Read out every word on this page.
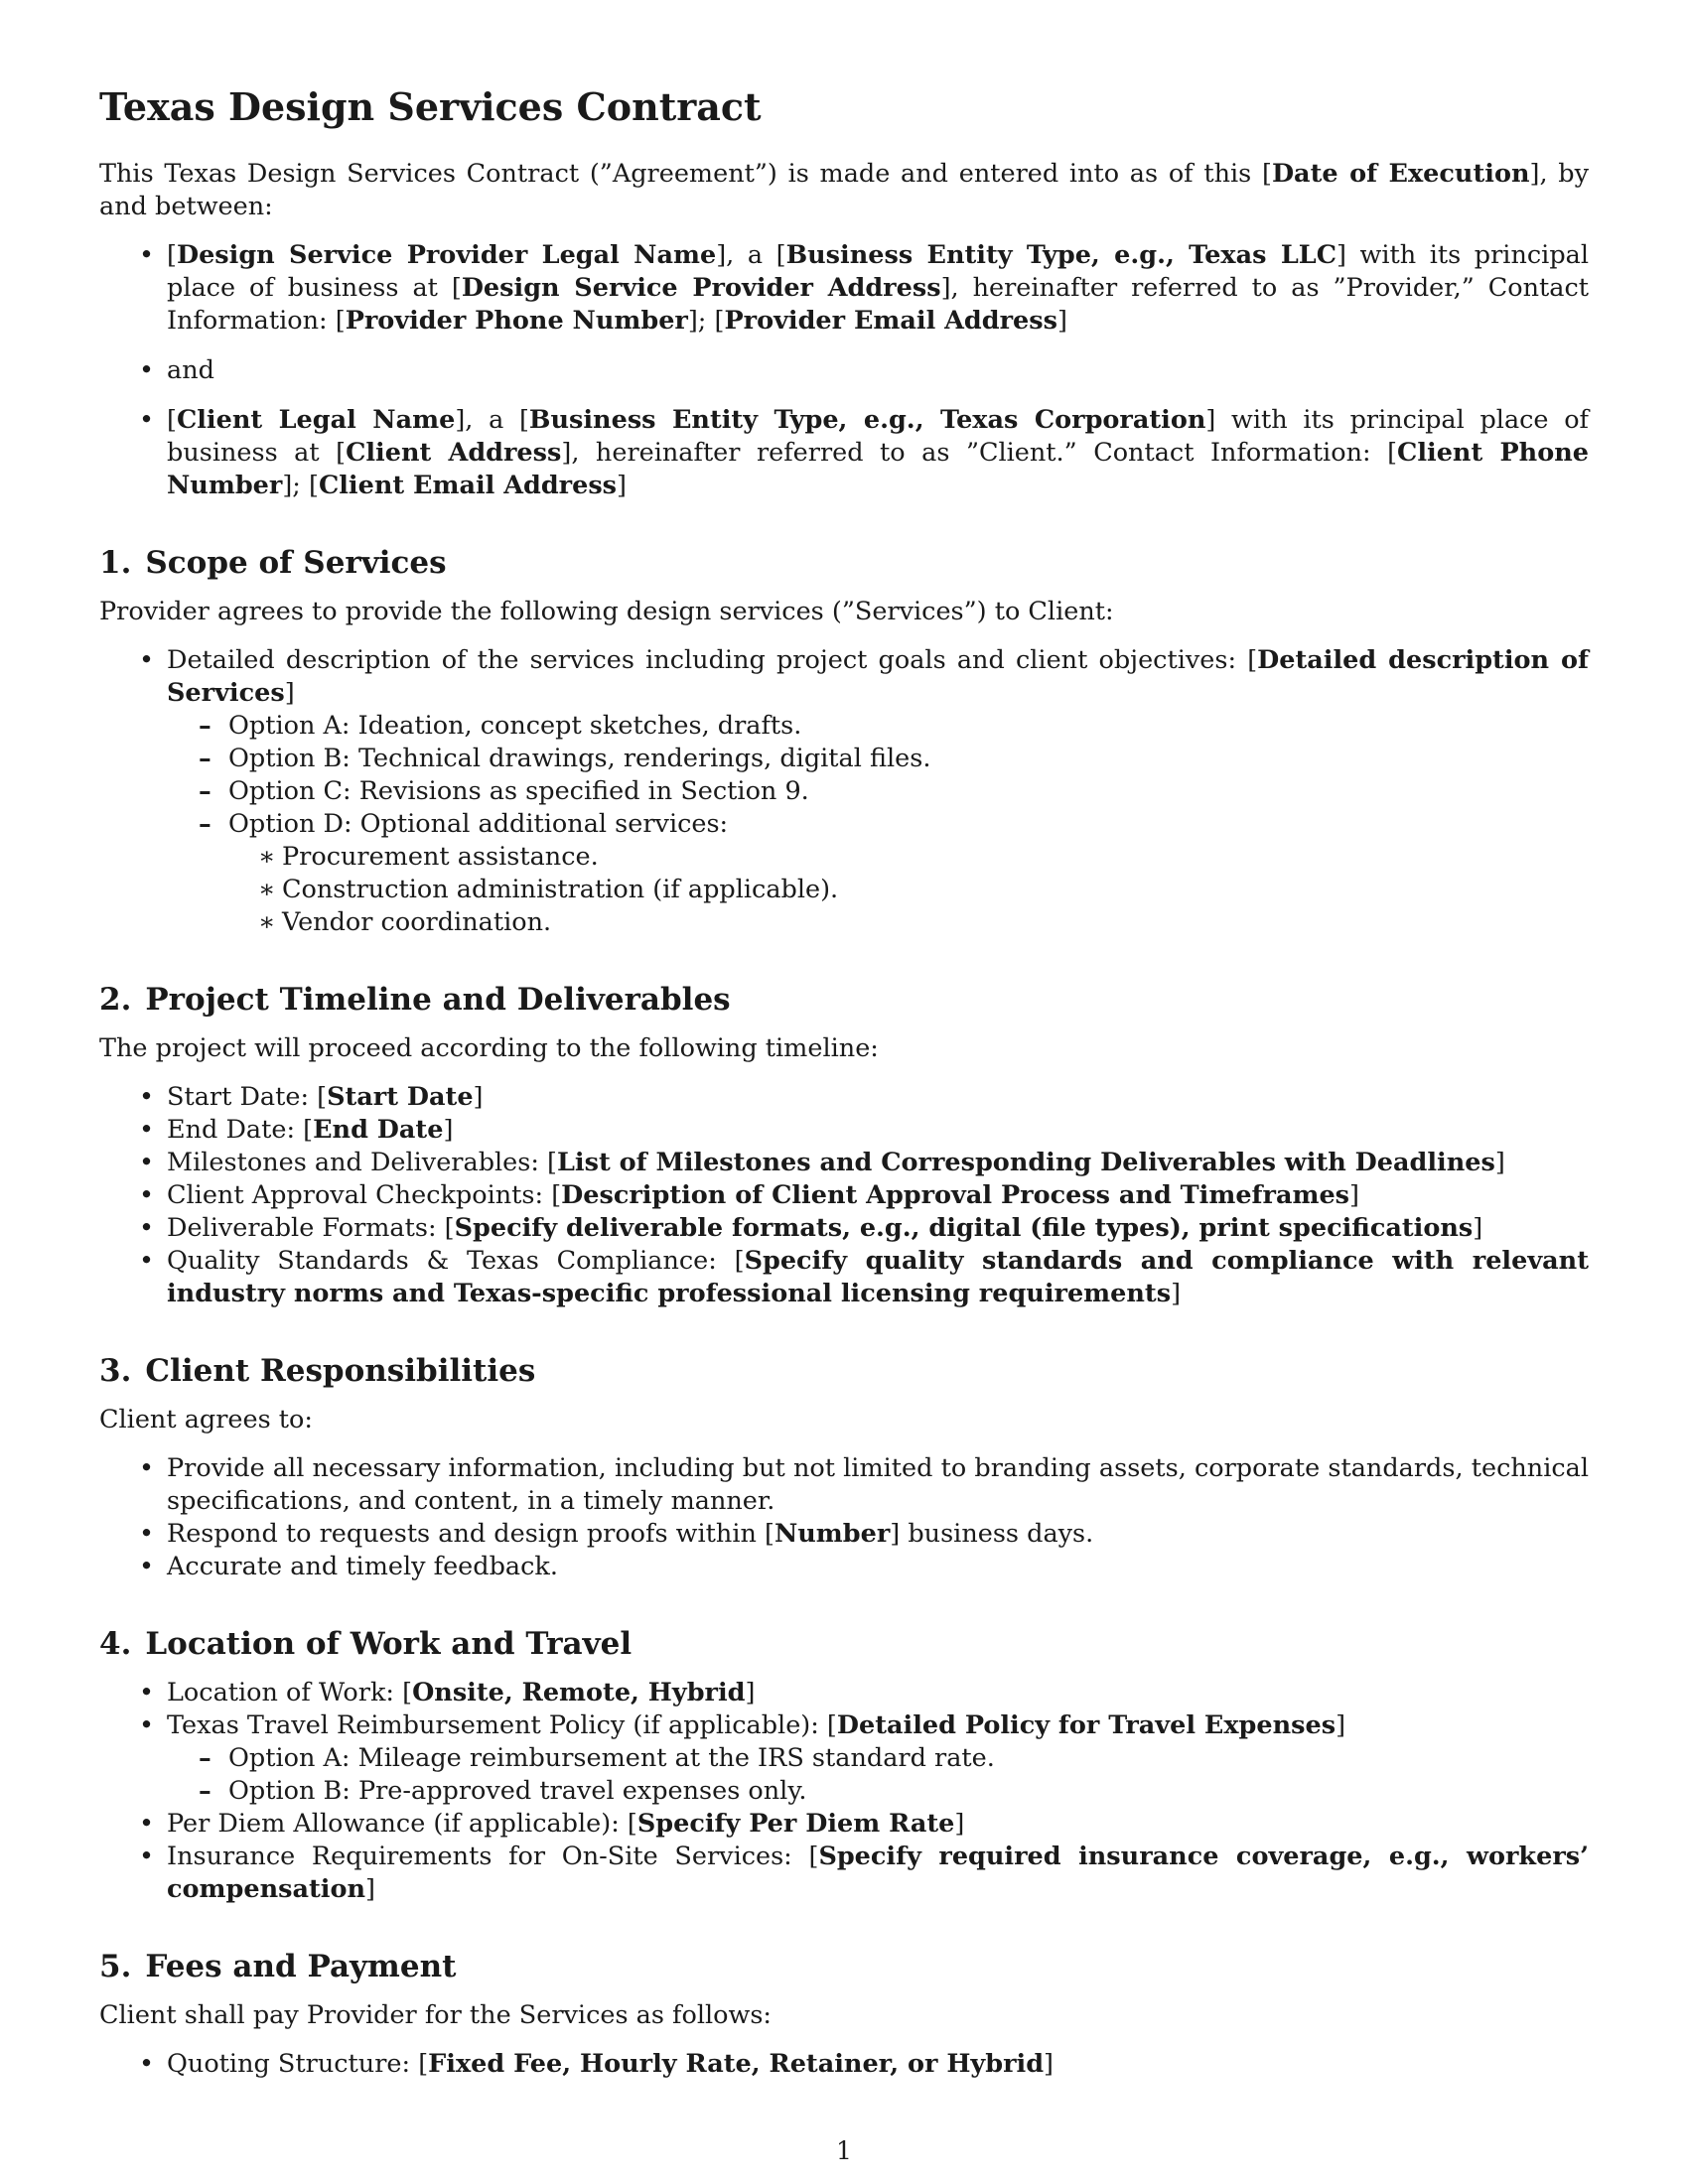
Texas Design Services Contract

This Texas Design Services Contract (”Agreement”) is made and entered into as of this [Date of Execution], by and between:

• [Design Service Provider Legal Name], a [Business Entity Type, e.g., Texas LLC] with its principal place of business at [Design Service Provider Address], hereinafter referred to as ”Provider,” Contact Information: [Provider Phone Number]; [Provider Email Address]
• and
• [Client Legal Name], a [Business Entity Type, e.g., Texas Corporation] with its principal place of business at [Client Address], hereinafter referred to as ”Client.” Contact Information: [Client Phone Number]; [Client Email Address]
1. Scope of Services

Provider agrees to provide the following design services (”Services”) to Client:

• Detailed description of the services including project goals and client objectives: [Detailed description of Services]
– Option A: Ideation, concept sketches, drafts.
– Option B: Technical drawings, renderings, digital files.
– Option C: Revisions as specified in Section 9.
– Option D: Optional additional services:
∗ Procurement assistance.
∗ Construction administration (if applicable).
∗ Vendor coordination.
2. Project Timeline and Deliverables

The project will proceed according to the following timeline:

• Start Date: [Start Date]
• End Date: [End Date]
• Milestones and Deliverables: [List of Milestones and Corresponding Deliverables with Deadlines]
• Client Approval Checkpoints: [Description of Client Approval Process and Timeframes]
• Deliverable Formats: [Specify deliverable formats, e.g., digital (file types), print specifications]
• Quality Standards & Texas Compliance: [Specify quality standards and compliance with relevant industry norms and Texas-specific professional licensing requirements]
3. Client Responsibilities

Client agrees to:

• Provide all necessary information, including but not limited to branding assets, corporate standards, technical specifications, and content, in a timely manner.
• Respond to requests and design proofs within [Number] business days.
• Accurate and timely feedback.
4. Location of Work and Travel
• Location of Work: [Onsite, Remote, Hybrid]
• Texas Travel Reimbursement Policy (if applicable): [Detailed Policy for Travel Expenses]
– Option A: Mileage reimbursement at the IRS standard rate.
– Option B: Pre-approved travel expenses only.
• Per Diem Allowance (if applicable): [Specify Per Diem Rate]
• Insurance Requirements for On-Site Services: [Specify required insurance coverage, e.g., workers’ compensation]
5. Fees and Payment

Client shall pay Provider for the Services as follows:

• Quoting Structure: [Fixed Fee, Hourly Rate, Retainer, or Hybrid]
1
